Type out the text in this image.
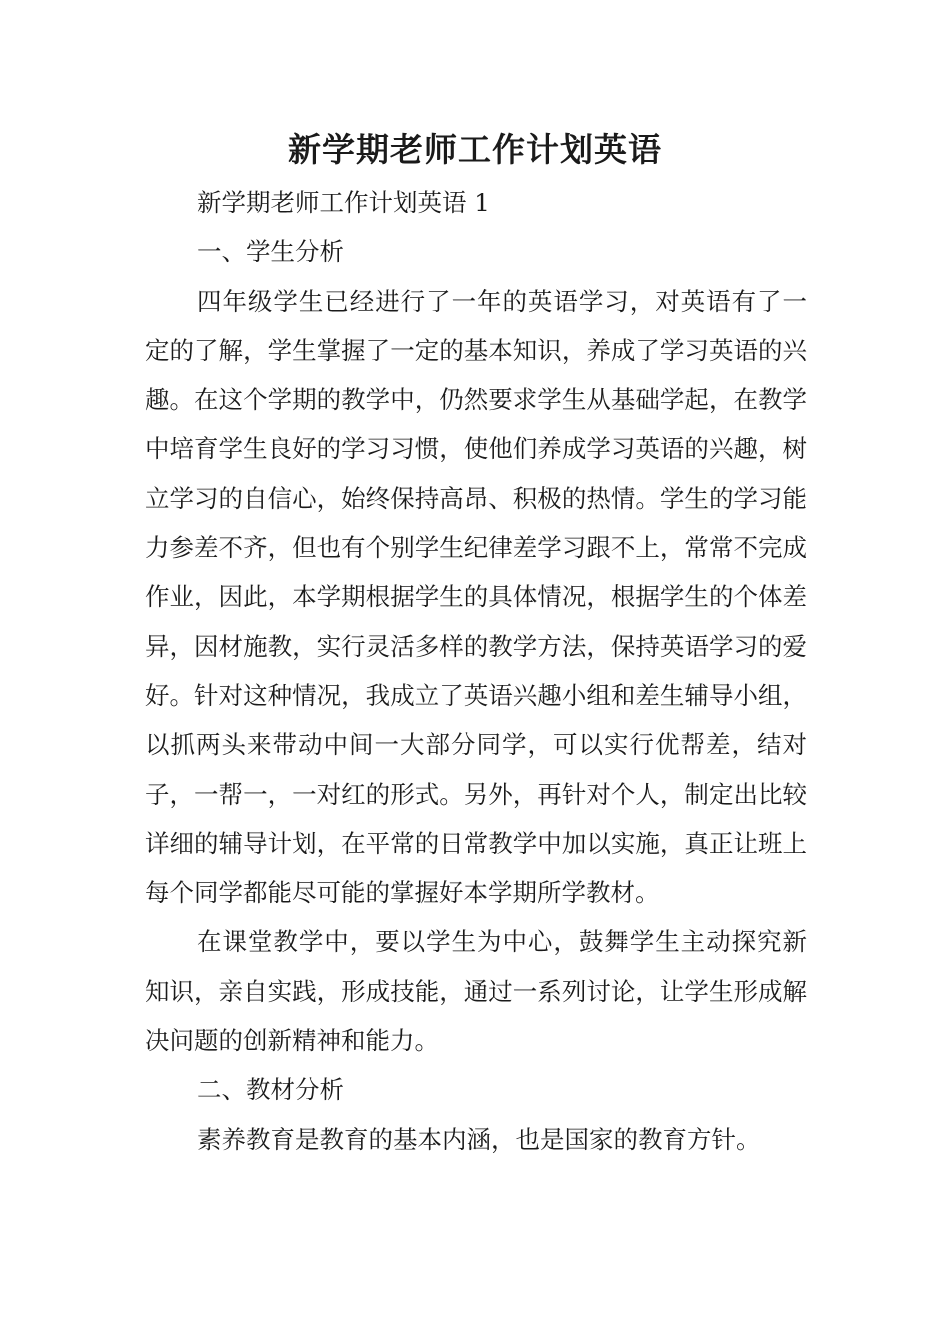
新学期老师工作计划英语

新学期老师工作计划英语 1

一、学生分析

四年级学生已经进行了一年的英语学习，对英语有了一定的了解，学生掌握了一定的基本知识，养成了学习英语的兴趣。在这个学期的教学中，仍然要求学生从基础学起，在教学中培育学生良好的学习习惯，使他们养成学习英语的兴趣，树立学习的自信心，始终保持高昂、积极的热情。学生的学习能力参差不齐，但也有个别学生纪律差学习跟不上，常常不完成作业，因此，本学期根据学生的具体情况，根据学生的个体差异，因材施教，实行灵活多样的教学方法，保持英语学习的爱好。针对这种情况，我成立了英语兴趣小组和差生辅导小组，以抓两头来带动中间一大部分同学，可以实行优帮差，结对子，一帮一，一对红的形式。另外，再针对个人，制定出比较详细的辅导计划，在平常的日常教学中加以实施，真正让班上每个同学都能尽可能的掌握好本学期所学教材。

在课堂教学中，要以学生为中心，鼓舞学生主动探究新知识，亲自实践，形成技能，通过一系列讨论，让学生形成解决问题的创新精神和能力。

二、教材分析

素养教育是教育的基本内涵，也是国家的教育方针。
